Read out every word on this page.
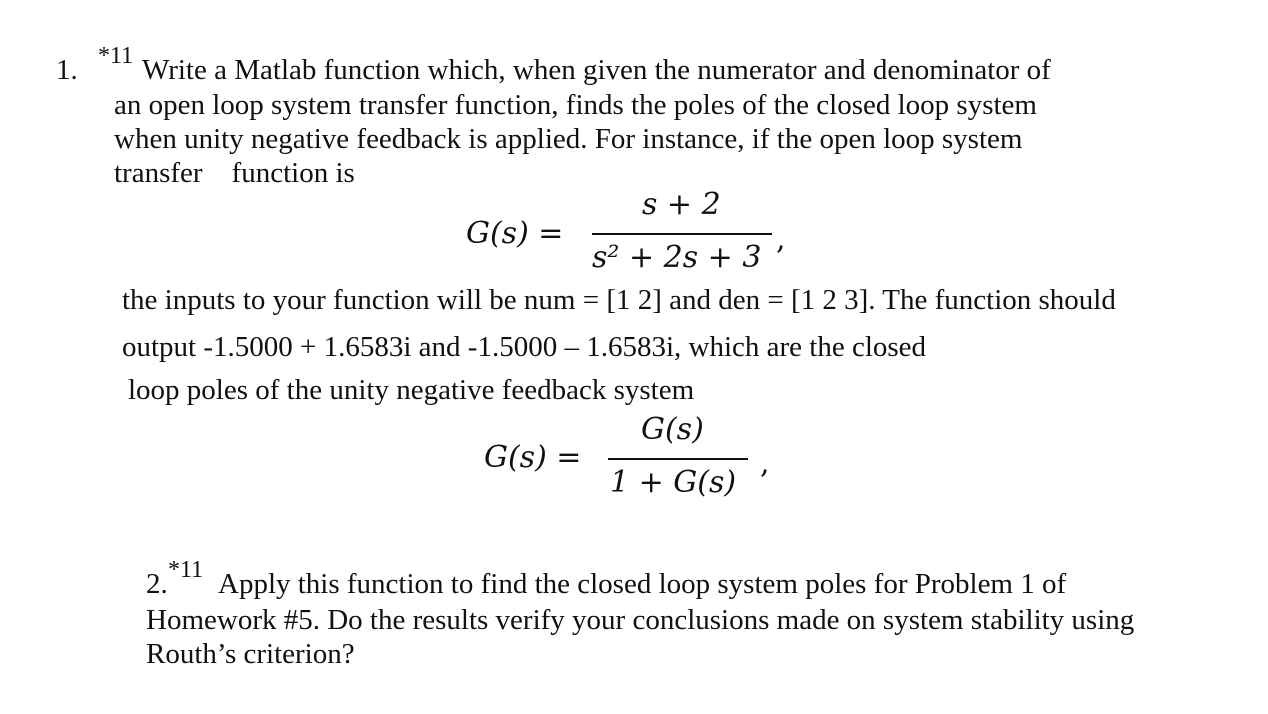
1. *11 Write a Matlab function which, when given the numerator and denominator of
an open loop system transfer function, finds the poles of the closed loop system
when unity negative feedback is applied. For instance, if the open loop system
transfer    function is
G(s) =
s + 2
s² + 2s + 3
,
the inputs to your function will be num = [1 2] and den = [1 2 3]. The function should
output -1.5000 + 1.6583i and -1.5000 – 1.6583i, which are the closed
loop poles of the unity negative feedback system
G(s) =
G(s)
1 + G(s)
,
2. *11 Apply this function to find the closed loop system poles for Problem 1 of
Homework #5. Do the results verify your conclusions made on system stability using
Routh’s criterion?
